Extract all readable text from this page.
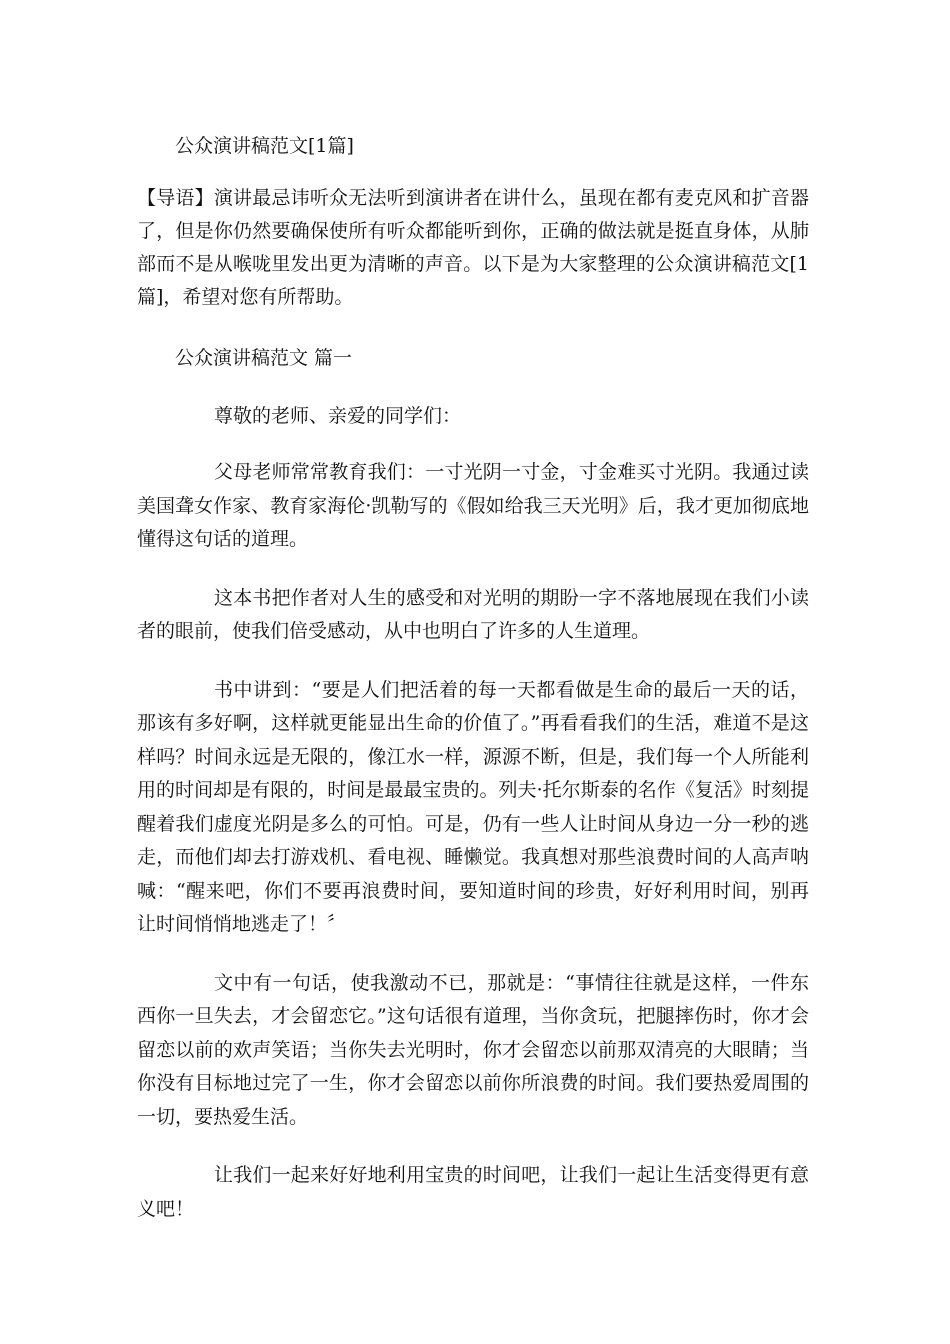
公众演讲稿范文[1篇]

【导语】演讲最忌讳听众无法听到演讲者在讲什么，虽现在都有麦克风和扩音器了，但是你仍然要确保使所有听众都能听到你，正确的做法就是挺直身体，从肺部而不是从喉咙里发出更为清晰的声音。以下是为大家整理的公众演讲稿范文[1篇]，希望对您有所帮助。

公众演讲稿范文 篇一

尊敬的老师、亲爱的同学们：

父母老师常常教育我们：一寸光阴一寸金，寸金难买寸光阴。我通过读美国聋女作家、教育家海伦·凯勒写的《假如给我三天光明》后，我才更加彻底地懂得这句话的道理。

这本书把作者对人生的感受和对光明的期盼一字不落地展现在我们小读者的眼前，使我们倍受感动，从中也明白了许多的人生道理。

书中讲到：“要是人们把活着的每一天都看做是生命的最后一天的话，那该有多好啊，这样就更能显出生命的价值了。”再看看我们的生活，难道不是这样吗？时间永远是无限的，像江水一样，源源不断，但是，我们每一个人所能利用的时间却是有限的，时间是最最宝贵的。列夫·托尔斯泰的名作《复活》时刻提醒着我们虚度光阴是多么的可怕。可是，仍有一些人让时间从身边一分一秒的逃走，而他们却去打游戏机、看电视、睡懒觉。我真想对那些浪费时间的人高声呐喊：“醒来吧，你们不要再浪费时间，要知道时间的珍贵，好好利用时间，别再让时间悄悄地逃走了！〞

文中有一句话，使我激动不已，那就是：“事情往往就是这样，一件东西你一旦失去，才会留恋它。”这句话很有道理，当你贪玩，把腿摔伤时，你才会留恋以前的欢声笑语；当你失去光明时，你才会留恋以前那双清亮的大眼睛；当你没有目标地过完了一生，你才会留恋以前你所浪费的时间。我们要热爱周围的一切，要热爱生活。

让我们一起来好好地利用宝贵的时间吧，让我们一起让生活变得更有意义吧！
